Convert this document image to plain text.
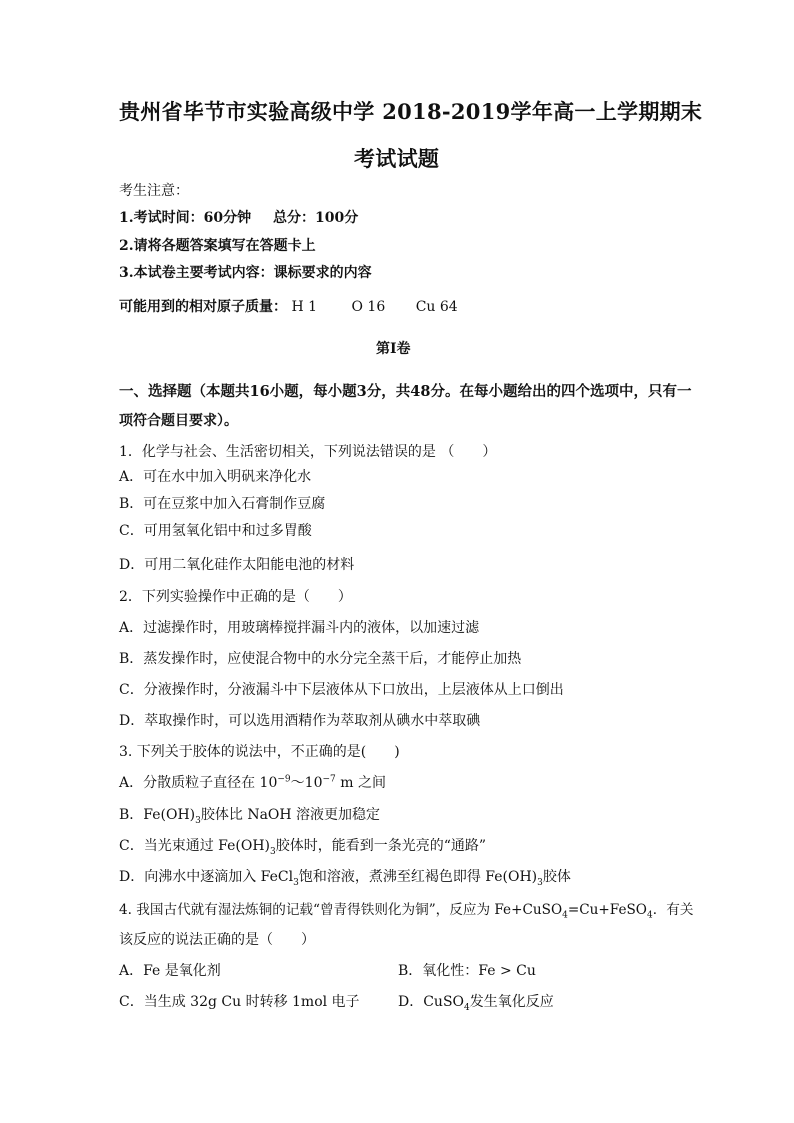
贵州省毕节市实验高级中学 2018-2019学年高一上学期期末
考试试题
考生注意：
1.考试时间：60分钟 总分：100分
2.请将各题答案填写在答题卡上
3.本试卷主要考试内容：课标要求的内容
可能用到的相对原子质量： H 1 O 16 Cu 64
第I卷
一、选择题（本题共16小题，每小题3分，共48分。在每小题给出的四个选项中，只有一
项符合题目要求）。
1．化学与社会、生活密切相关，下列说法错误的是 （　　）
A．可在水中加入明矾来净化水
B．可在豆浆中加入石膏制作豆腐
C．可用氢氧化铝中和过多胃酸
D．可用二氧化硅作太阳能电池的材料
2．下列实验操作中正确的是（　　）
A．过滤操作时，用玻璃棒搅拌漏斗内的液体，以加速过滤
B．蒸发操作时，应使混合物中的水分完全蒸干后，才能停止加热
C．分液操作时，分液漏斗中下层液体从下口放出，上层液体从上口倒出
D．萃取操作时，可以选用酒精作为萃取剂从碘水中萃取碘
3. 下列关于胶体的说法中，不正确的是(　　)
A．分散质粒子直径在 $10^{-9}\sim 10^{-7}$ m 之间
B．$Fe(OH)_3$胶体比 NaOH 溶液更加稳定
C．当光束通过 $Fe(OH)_3$胶体时，能看到一条光亮的“通路”
D．向沸水中逐滴加入 FeCl$_3$饱和溶液，煮沸至红褐色即得 $Fe(OH)_3$胶体
4. 我国古代就有湿法炼铜的记载“曾青得铁则化为铜”，反应为 Fe+CuSO$_4$=Cu+FeSO$_4$．有关
该反应的说法正确的是（　　）
A．Fe 是氧化剂	B．氧化性：Fe > Cu
C．当生成 32g Cu 时转移 1mol 电子	D．CuSO$_4$发生氧化反应
